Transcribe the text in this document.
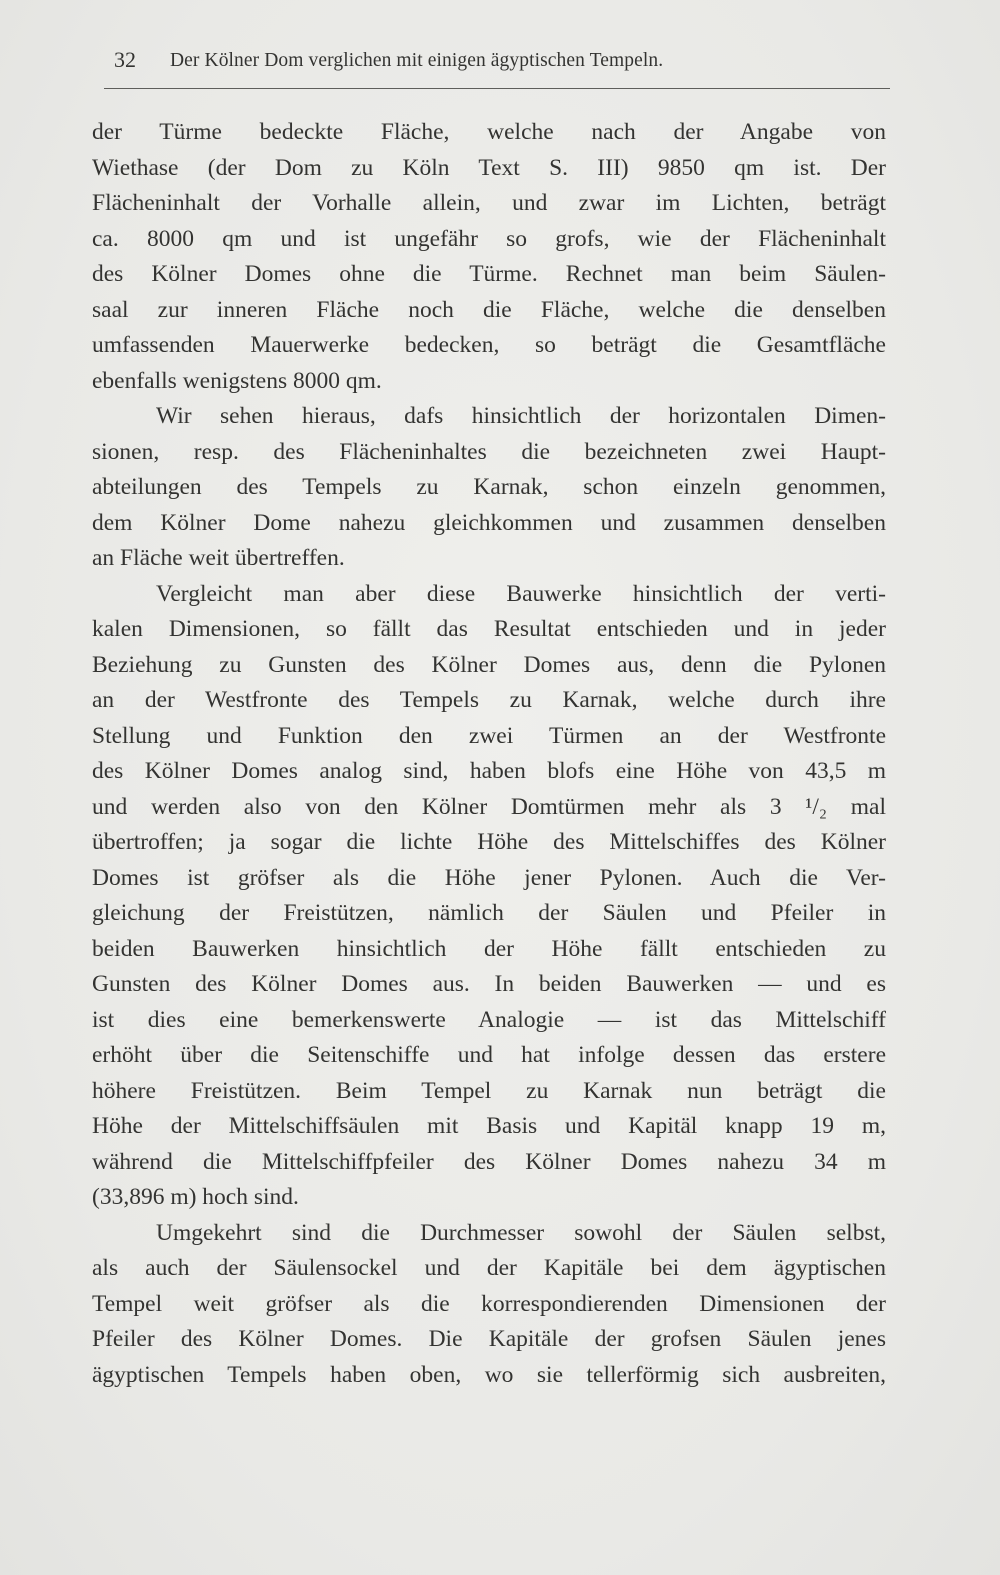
32 Der Kölner Dom verglichen mit einigen ägyptischen Tempeln.
der Türme bedeckte Fläche, welche nach der Angabe von
Wiethase (der Dom zu Köln Text S. III) 9850 qm ist. Der
Flächeninhalt der Vorhalle allein, und zwar im Lichten, beträgt
ca. 8000 qm und ist ungefähr so grofs, wie der Flächeninhalt
des Kölner Domes ohne die Türme. Rechnet man beim Säulen-
saal zur inneren Fläche noch die Fläche, welche die denselben
umfassenden Mauerwerke bedecken, so beträgt die Gesamtfläche
ebenfalls wenigstens 8000 qm.
Wir sehen hieraus, dafs hinsichtlich der horizontalen Dimen-
sionen, resp. des Flächeninhaltes die bezeichneten zwei Haupt-
abteilungen des Tempels zu Karnak, schon einzeln genommen,
dem Kölner Dome nahezu gleichkommen und zusammen denselben
an Fläche weit übertreffen.
Vergleicht man aber diese Bauwerke hinsichtlich der verti-
kalen Dimensionen, so fällt das Resultat entschieden und in jeder
Beziehung zu Gunsten des Kölner Domes aus, denn die Pylonen
an der Westfronte des Tempels zu Karnak, welche durch ihre
Stellung und Funktion den zwei Türmen an der Westfronte
des Kölner Domes analog sind, haben blofs eine Höhe von 43,5 m
und werden also von den Kölner Domtürmen mehr als 3 ¹/₂ mal
übertroffen; ja sogar die lichte Höhe des Mittelschiffes des Kölner
Domes ist gröfser als die Höhe jener Pylonen. Auch die Ver-
gleichung der Freistützen, nämlich der Säulen und Pfeiler in
beiden Bauwerken hinsichtlich der Höhe fällt entschieden zu
Gunsten des Kölner Domes aus. In beiden Bauwerken — und es
ist dies eine bemerkenswerte Analogie — ist das Mittelschiff
erhöht über die Seitenschiffe und hat infolge dessen das erstere
höhere Freistützen. Beim Tempel zu Karnak nun beträgt die
Höhe der Mittelschiffsäulen mit Basis und Kapitäl knapp 19 m,
während die Mittelschiffpfeiler des Kölner Domes nahezu 34 m
(33,896 m) hoch sind.
Umgekehrt sind die Durchmesser sowohl der Säulen selbst,
als auch der Säulensockel und der Kapitäle bei dem ägyptischen
Tempel weit gröfser als die korrespondierenden Dimensionen der
Pfeiler des Kölner Domes. Die Kapitäle der grofsen Säulen jenes
ägyptischen Tempels haben oben, wo sie tellerförmig sich ausbreiten,
